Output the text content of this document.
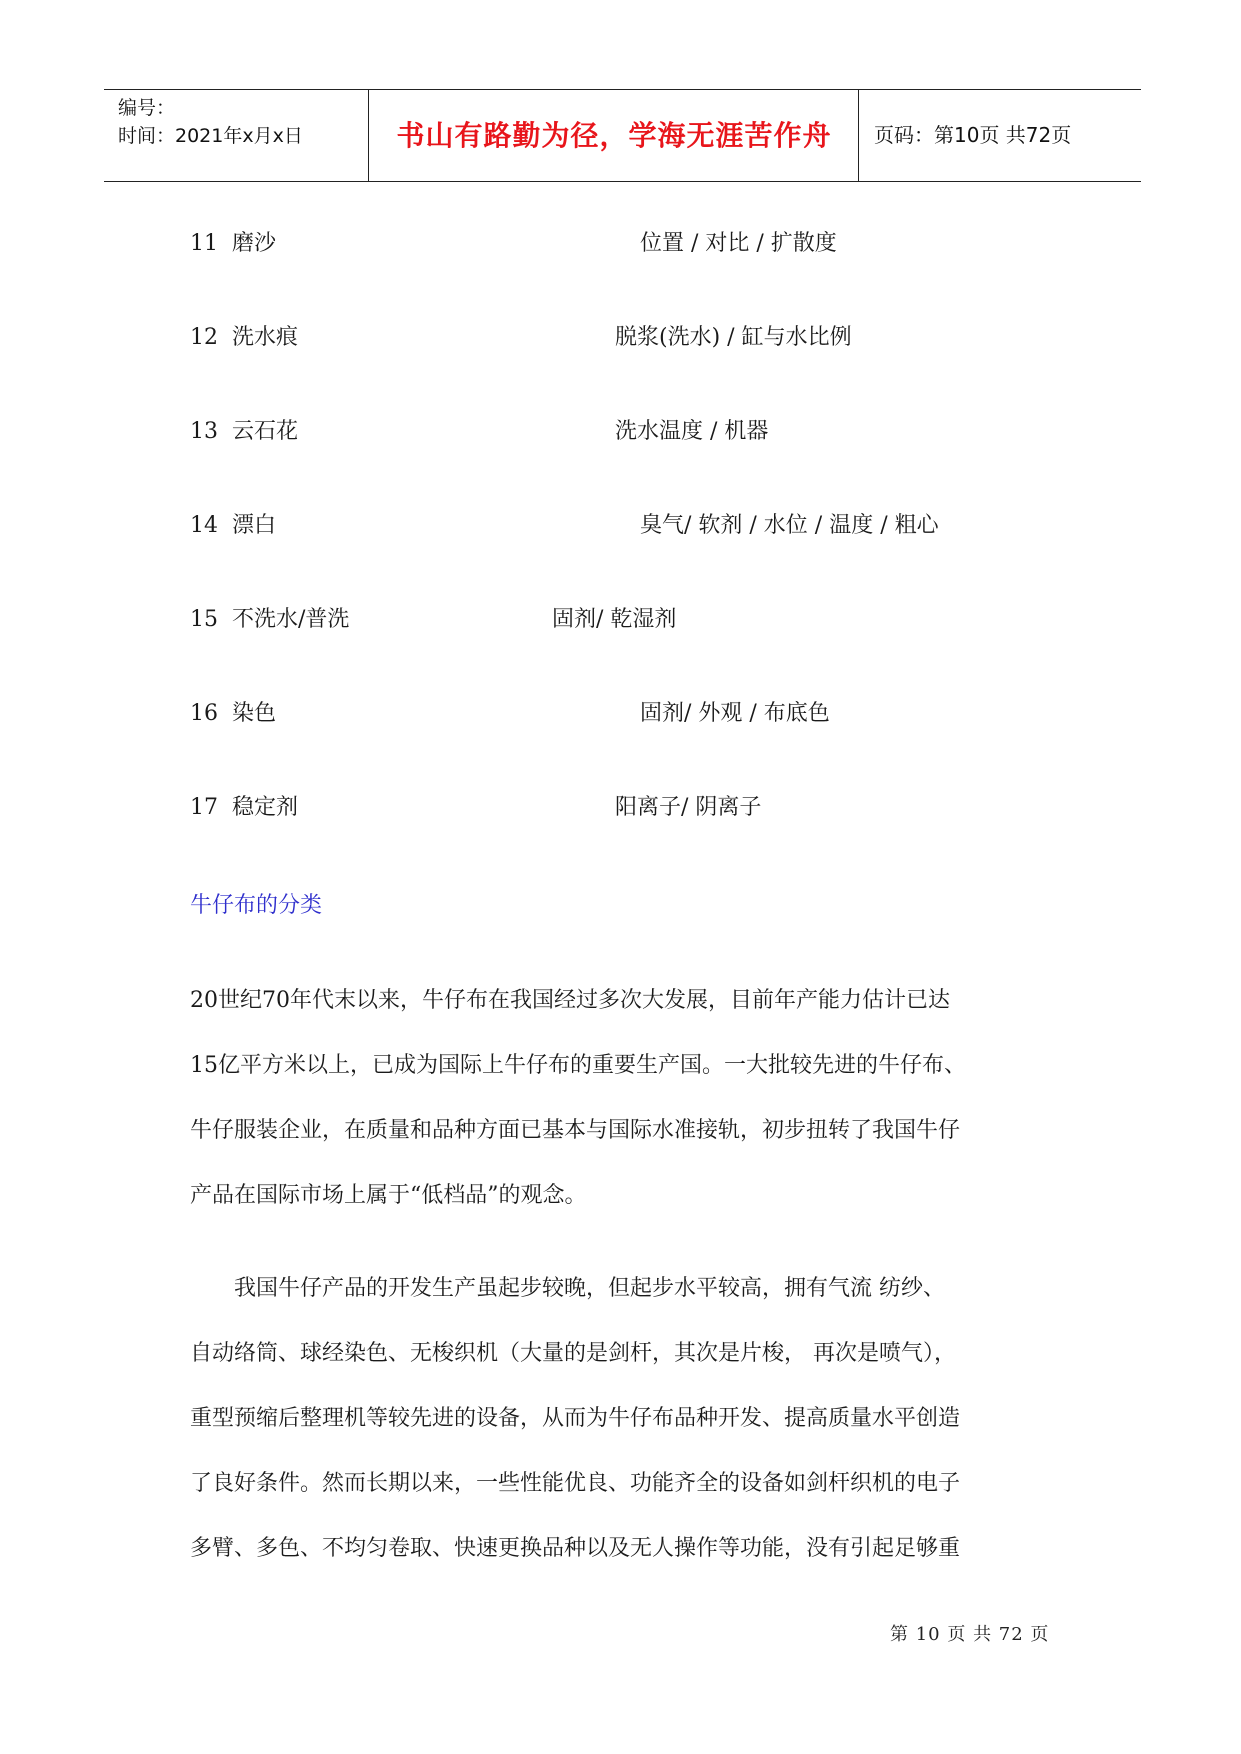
编号：
时间：2021年x月x日	书山有路勤为径，学海无涯苦作舟	页码：第10页 共72页
11 磨沙	位置 / 对比 / 扩散度
12 洗水痕	脱浆(洗水) / 缸与水比例
13 云石花	洗水温度 / 机器
14 漂白	臭气/ 软剂 / 水位 / 温度 / 粗心
15 不洗水/普洗	固剂/ 乾湿剂
16 染色	固剂/ 外观 / 布底色
17 稳定剂	阳离子/ 阴离子
牛仔布的分类
20世纪70年代末以来，牛仔布在我国经过多次大发展，目前年产能力估计已达
15亿平方米以上，已成为国际上牛仔布的重要生产国。一大批较先进的牛仔布、
牛仔服装企业，在质量和品种方面已基本与国际水准接轨，初步扭转了我国牛仔
产品在国际市场上属于“低档品”的观念。
　　我国牛仔产品的开发生产虽起步较晚，但起步水平较高，拥有气流 纺纱、
自动络筒、球经染色、无梭织机（大量的是剑杆，其次是片梭， 再次是喷气），
重型预缩后整理机等较先进的设备，从而为牛仔布品种开发、提高质量水平创造
了良好条件。然而长期以来，一些性能优良、功能齐全的设备如剑杆织机的电子
多臂、多色、不均匀卷取、快速更换品种以及无人操作等功能，没有引起足够重
第 10 页 共 72 页
